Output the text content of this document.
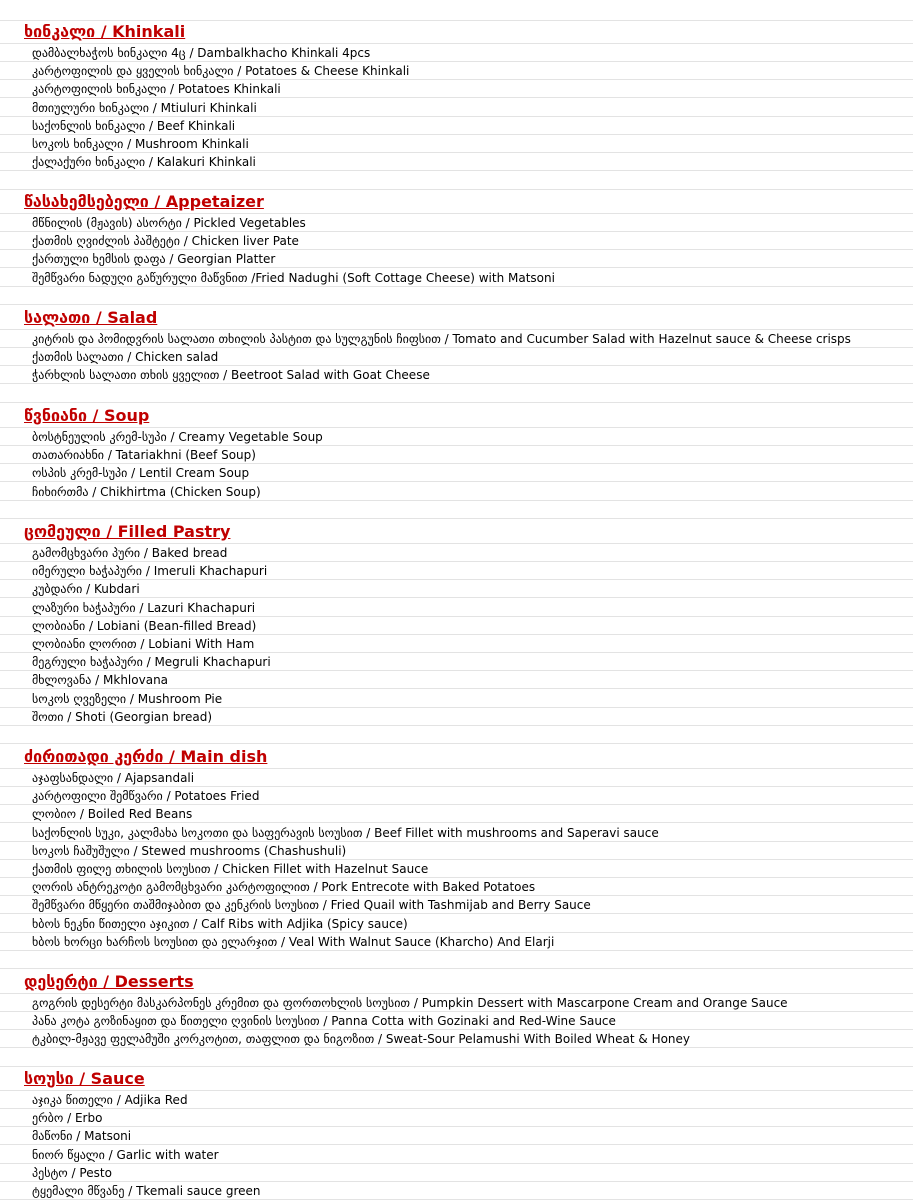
ხინკალი / Khinkali
დამბალხაჭოს ხინკალი 4ც / Dambalkhacho Khinkali 4pcs
კარტოფილის და ყველის ხინკალი / Potatoes & Cheese Khinkali
კარტოფილის ხინკალი / Potatoes Khinkali
მთიულური ხინკალი / Mtiuluri Khinkali
საქონლის ხინკალი / Beef Khinkali
სოკოს ხინკალი / Mushroom Khinkali
ქალაქური ხინკალი / Kalakuri Khinkali
წასახემსებელი / Appetaizer
მწნილის (მჟავის) ასორტი / Pickled Vegetables
ქათმის ღვიძლის პაშტეტი / Chicken liver Pate
ქართული ხემსის დაფა / Georgian Platter
შემწვარი ნადუღი გაწურული მაწვნით /Fried Nadughi (Soft Cottage Cheese) with Matsoni
სალათი / Salad
კიტრის და პომიდვრის სალათი თხილის პასტით და სულგუნის ჩიფსით / Tomato and Cucumber Salad with Hazelnut sauce & Cheese crisps
ქათმის სალათი / Chicken salad
ჭარხლის სალათი თხის ყველით / Beetroot Salad with Goat Cheese
წვნიანი / Soup
ბოსტნეულის კრემ-სუპი / Creamy Vegetable Soup
თათარიახნი / Tatariakhni (Beef Soup)
ოსპის კრემ-სუპი / Lentil Cream Soup
ჩიხირთმა / Chikhirtma (Chicken Soup)
ცომეული / Filled Pastry
გამომცხვარი პური / Baked bread
იმერული ხაჭაპური / Imeruli Khachapuri
კუბდარი / Kubdari
ლაზური ხაჭაპური / Lazuri Khachapuri
ლობიანი / Lobiani (Bean-filled Bread)
ლობიანი ლორით / Lobiani With Ham
მეგრული ხაჭაპური / Megruli Khachapuri
მხლოვანა / Mkhlovana
სოკოს ღვეზელი / Mushroom Pie
შოთი / Shoti (Georgian bread)
ძირითადი კერძი / Main dish
აჯაფსანდალი / Ajapsandali
კარტოფილი შემწვარი / Potatoes Fried
ლობიო / Boiled Red Beans
საქონლის სუკი, კალმახა სოკოთი და საფერავის სოუსით / Beef Fillet with mushrooms and Saperavi sauce
სოკოს ჩაშუშული / Stewed mushrooms (Chashushuli)
ქათმის ფილე თხილის სოუსით / Chicken Fillet with Hazelnut Sauce
ღორის ანტრეკოტი გამომცხვარი კარტოფილით / Pork Entrecote with Baked Potatoes
შემწვარი მწყერი თაშმიჯაბით და კენკრის სოუსით / Fried Quail with Tashmijab and Berry Sauce
ხბოს ნეკნი წითელი აჯიკით / Calf Ribs with Adjika (Spicy sauce)
ხბოს ხორცი ხარჩოს სოუსით და ელარჯით / Veal With Walnut Sauce (Kharcho) And Elarji
დესერტი / Desserts
გოგრის დესერტი მასკარპონეს კრემით და ფორთოხლის სოუსით / Pumpkin Dessert with Mascarpone Cream and Orange Sauce
პანა კოტა გოზინაყით და წითელი ღვინის სოუსით / Panna Cotta with Gozinaki and Red-Wine Sauce
ტკბილ-მჟავე ფელამუში კორკოტით, თაფლით და ნიგოზით / Sweat-Sour Pelamushi With Boiled Wheat & Honey
სოუსი / Sauce
აჯიკა წითელი / Adjika Red
ერბო / Erbo
მაწონი / Matsoni
ნიორ წყალი / Garlic with water
პესტო / Pesto
ტყემალი მწვანე / Tkemali sauce green
